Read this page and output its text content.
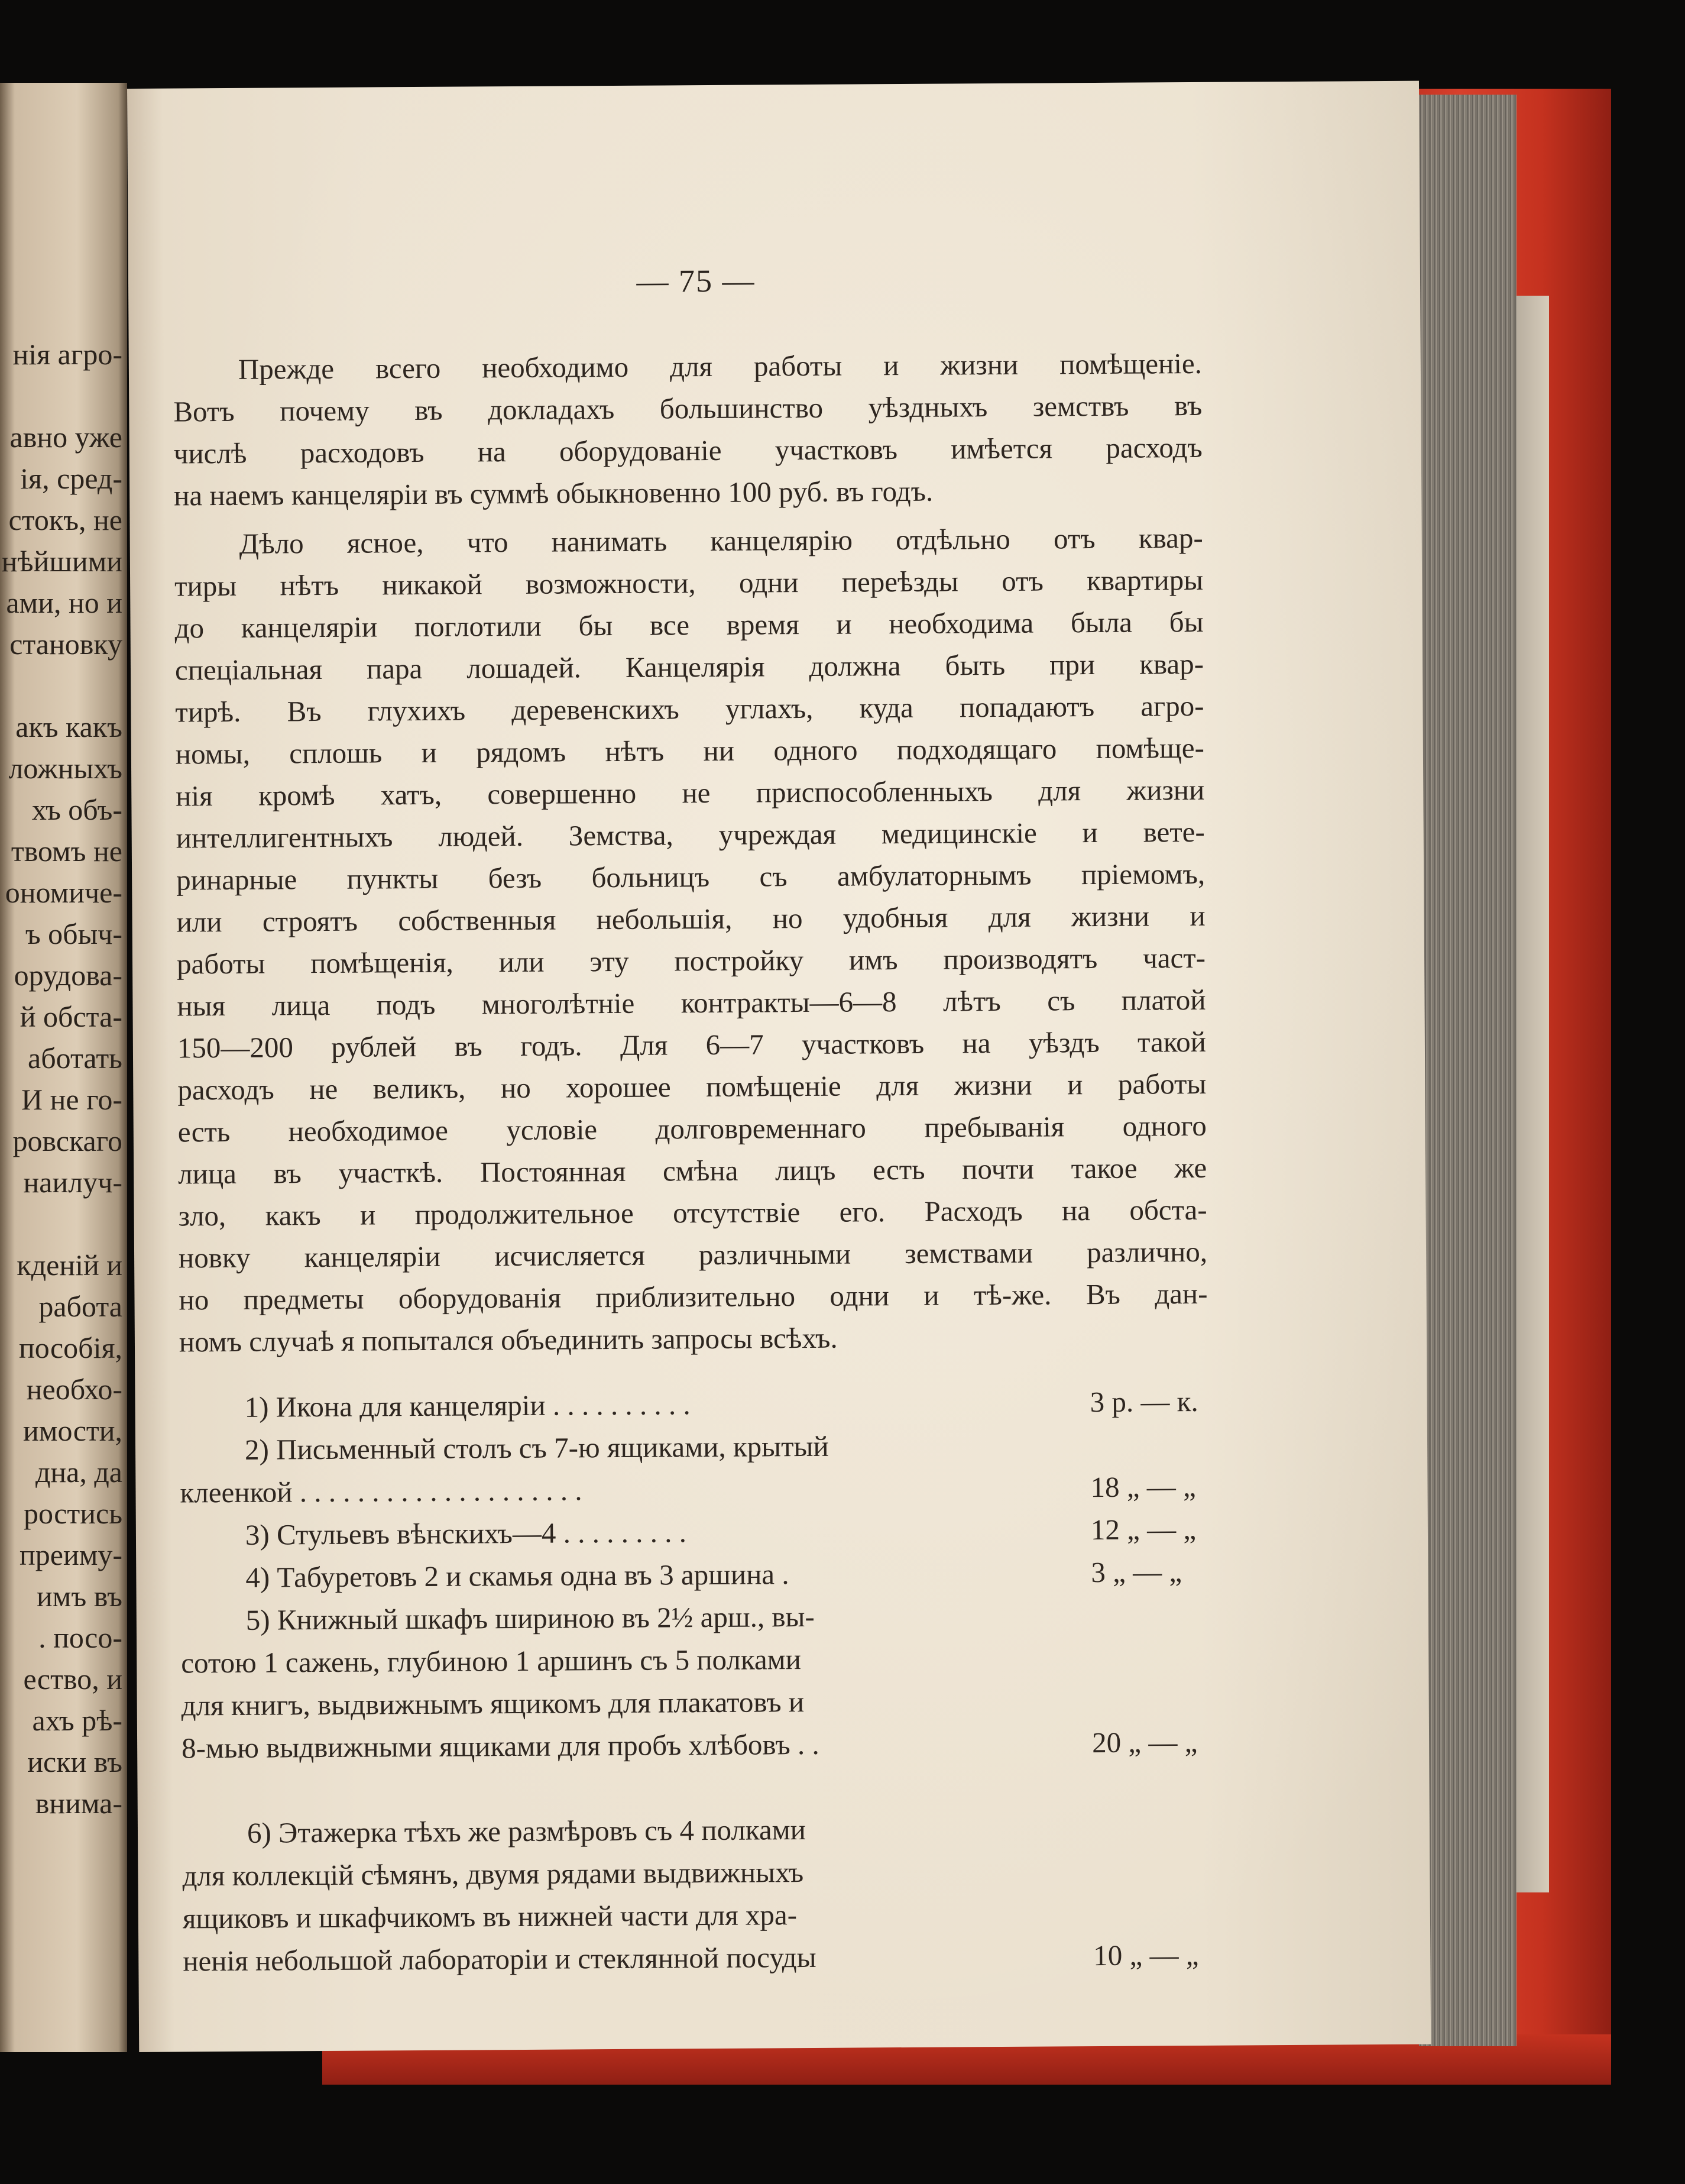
нія агро-
авно уже
ія, сред-
стокъ, не
нѣйшими
ами, но и
становку
акъ какъ
ложныхъ
хъ объ-
твомъ не
ономиче-
ъ обыч-
орудова-
й обста-
аботать
И не го-
ровскаго
наилуч-
кденій и
работа
пособія,
необхо-
имости,
дна, да
ростись
преиму-
имъ въ
. посо-
ество, и
ахъ рѣ-
иски въ
внима-
— 75 —
Прежде всего необходимо для работы и жизни помѣщеніе.
Вотъ почему въ докладахъ большинство уѣздныхъ земствъ въ
числѣ расходовъ на оборудованіе участковъ имѣется расходъ
на наемъ канцеляріи въ суммѣ обыкновенно 100 руб. въ годъ.
Дѣло ясное, что нанимать канцелярію отдѣльно отъ квар-
тиры нѣтъ никакой возможности, одни переѣзды отъ квартиры
до канцеляріи поглотили бы все время и необходима была бы
спеціальная пара лошадей. Канцелярія должна быть при квар-
тирѣ. Въ глухихъ деревенскихъ углахъ, куда попадаютъ агро-
номы, сплошь и рядомъ нѣтъ ни одного подходящаго помѣще-
нія кромѣ хатъ, совершенно не приспособленныхъ для жизни
интеллигентныхъ людей. Земства, учреждая медицинскіе и вете-
ринарные пункты безъ больницъ съ амбулаторнымъ пріемомъ,
или строятъ собственныя небольшія, но удобныя для жизни и
работы помѣщенія, или эту постройку имъ производятъ част-
ныя лица подъ многолѣтніе контракты—6—8 лѣтъ съ платой
150—200 рублей въ годъ. Для 6—7 участковъ на уѣздъ такой
расходъ не великъ, но хорошее помѣщеніе для жизни и работы
есть необходимое условіе долговременнаго пребыванія одного
лица въ участкѣ. Постоянная смѣна лицъ есть почти такое же
зло, какъ и продолжительное отсутствіе его. Расходъ на обста-
новку канцеляріи исчисляется различными земствами различно,
но предметы оборудованія приблизительно одни и тѣ-же. Въ дан-
номъ случаѣ я попытался объединить запросы всѣхъ.
1) Икона для канцеляріи . . . . . . . . . .	3 р. — к.
2) Письменный столъ съ 7-ю ящиками, крытый
клеенкой . . . . . . . . . . . . . . . . . . . .	18 „ — „
3) Стульевъ вѣнскихъ—4 . . . . . . . . .	12 „ — „
4) Табуретовъ 2 и скамья одна въ 3 аршина .	3 „ — „
5) Книжный шкафъ шириною въ 2½ арш., вы-
сотою 1 сажень, глубиною 1 аршинъ съ 5 полками
для книгъ, выдвижнымъ ящикомъ для плакатовъ и
8-мью выдвижными ящиками для пробъ хлѣбовъ . .	20 „ — „
6) Этажерка тѣхъ же размѣровъ съ 4 полками
для коллекцій сѣмянъ, двумя рядами выдвижныхъ
ящиковъ и шкафчикомъ въ нижней части для хра-
ненія небольшой лабораторіи и стеклянной посуды	10 „ — „
